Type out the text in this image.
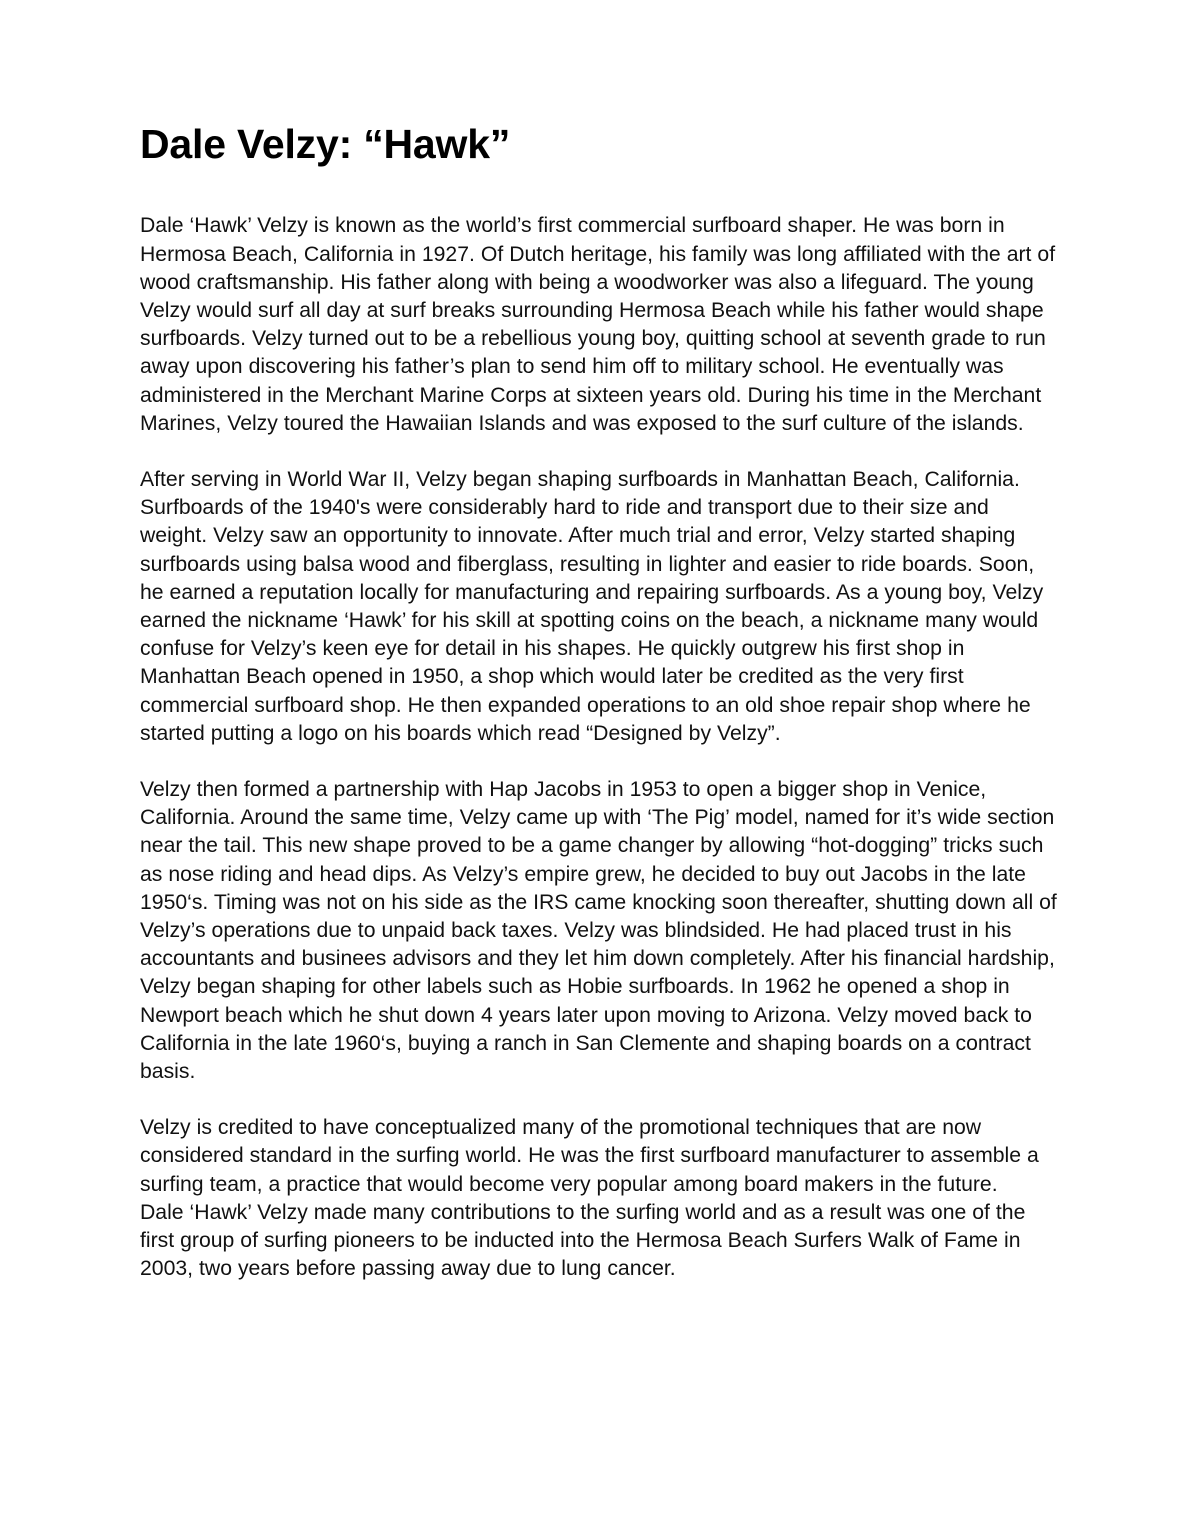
Dale Velzy: “Hawk”

Dale ‘Hawk’ Velzy is known as the world’s first commercial surfboard shaper. He was born in Hermosa Beach, California in 1927. Of Dutch heritage, his family was long affiliated with the art of wood craftsmanship. His father along with being a woodworker was also a lifeguard. The young Velzy would surf all day at surf breaks surrounding Hermosa Beach while his father would shape surfboards. Velzy turned out to be a rebellious young boy, quitting school at seventh grade to run away upon discovering his father’s plan to send him off to military school. He eventually was administered in the Merchant Marine Corps at sixteen years old. During his time in the Merchant Marines, Velzy toured the Hawaiian Islands and was exposed to the surf culture of the islands.

After serving in World War II, Velzy began shaping surfboards in Manhattan Beach, California. Surfboards of the 1940's were considerably hard to ride and transport due to their size and weight. Velzy saw an opportunity to innovate. After much trial and error, Velzy started shaping surfboards using balsa wood and fiberglass, resulting in lighter and easier to ride boards. Soon, he earned a reputation locally for manufacturing and repairing surfboards. As a young boy, Velzy earned the nickname ‘Hawk’ for his skill at spotting coins on the beach, a nickname many would confuse for Velzy’s keen eye for detail in his shapes. He quickly outgrew his first shop in Manhattan Beach opened in 1950, a shop which would later be credited as the very first commercial surfboard shop. He then expanded operations to an old shoe repair shop where he started putting a logo on his boards which read “Designed by Velzy”.

Velzy then formed a partnership with Hap Jacobs in 1953 to open a bigger shop in Venice, California. Around the same time, Velzy came up with ‘The Pig’ model, named for it’s wide section near the tail. This new shape proved to be a game changer by allowing “hot-dogging” tricks such as nose riding and head dips. As Velzy’s empire grew, he decided to buy out Jacobs in the late 1950‘s. Timing was not on his side as the IRS came knocking soon thereafter, shutting down all of Velzy’s operations due to unpaid back taxes. Velzy was blindsided. He had placed trust in his accountants and businees advisors and they let him down completely. After his financial hardship, Velzy began shaping for other labels such as Hobie surfboards. In 1962 he opened a shop in Newport beach which he shut down 4 years later upon moving to Arizona. Velzy moved back to California in the late 1960‘s, buying a ranch in San Clemente and shaping boards on a contract basis.

Velzy is credited to have conceptualized many of the promotional techniques that are now considered standard in the surfing world. He was the first surfboard manufacturer to assemble a surfing team, a practice that would become very popular among board makers in the future.   Dale ‘Hawk’ Velzy made many contributions to the surfing world and as a result was one of the first group of surfing pioneers to be inducted into the Hermosa Beach Surfers Walk of Fame in 2003, two years before passing away due to lung cancer.
